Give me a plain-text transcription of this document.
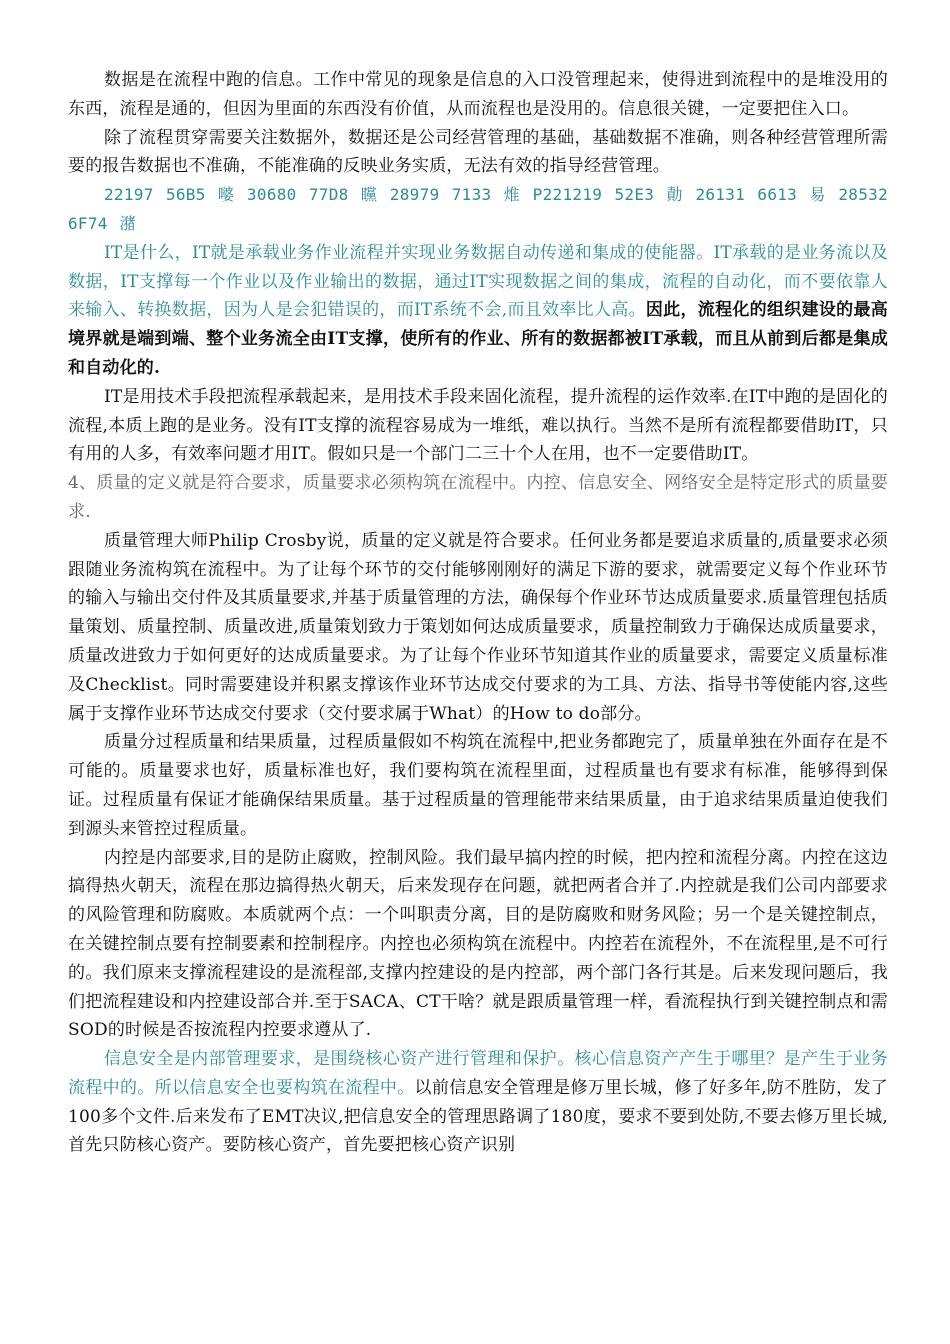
数据是在流程中跑的信息。工作中常见的现象是信息的入口没管理起来，使得进到流程中的是堆没用的东西，流程是通的，但因为里面的东西没有价值，从而流程也是没用的。信息很关键，一定要把住入口。

除了流程贯穿需要关注数据外，数据还是公司经营管理的基础，基础数据不准确，则各种经营管理所需要的报告数据也不准确，不能准确的反映业务实质，无法有效的指导经营管理。

22197 56B5 嘙 30680 77D8 矘 28979 7133 焳 P221219 52E3 勣 26131 6613 易 28532 6F74 潴

IT是什么，IT就是承载业务作业流程并实现业务数据自动传递和集成的使能器。IT承载的是业务流以及数据，IT支撑每一个作业以及作业输出的数据，通过IT实现数据之间的集成，流程的自动化，而不要依靠人来输入、转换数据，因为人是会犯错误的，而IT系统不会,而且效率比人高。因此，流程化的组织建设的最高境界就是端到端、整个业务流全由IT支撑，使所有的作业、所有的数据都被IT承载，而且从前到后都是集成和自动化的.

IT是用技术手段把流程承载起来，是用技术手段来固化流程，提升流程的运作效率.在IT中跑的是固化的流程,本质上跑的是业务。没有IT支撑的流程容易成为一堆纸，难以执行。当然不是所有流程都要借助IT，只有用的人多，有效率问题才用IT。假如只是一个部门二三十个人在用，也不一定要借助IT。

4、质量的定义就是符合要求，质量要求必须构筑在流程中。内控、信息安全、网络安全是特定形式的质量要求.

质量管理大师Philip Crosby说，质量的定义就是符合要求。任何业务都是要追求质量的,质量要求必须跟随业务流构筑在流程中。为了让每个环节的交付能够刚刚好的满足下游的要求，就需要定义每个作业环节的输入与输出交付件及其质量要求,并基于质量管理的方法，确保每个作业环节达成质量要求.质量管理包括质量策划、质量控制、质量改进,质量策划致力于策划如何达成质量要求，质量控制致力于确保达成质量要求，质量改进致力于如何更好的达成质量要求。为了让每个作业环节知道其作业的质量要求，需要定义质量标准及Checklist。同时需要建设并积累支撑该作业环节达成交付要求的为工具、方法、指导书等使能内容,这些属于支撑作业环节达成交付要求（交付要求属于What）的How to do部分。

质量分过程质量和结果质量，过程质量假如不构筑在流程中,把业务都跑完了，质量单独在外面存在是不可能的。质量要求也好，质量标准也好，我们要构筑在流程里面，过程质量也有要求有标准，能够得到保证。过程质量有保证才能确保结果质量。基于过程质量的管理能带来结果质量，由于追求结果质量迫使我们到源头来管控过程质量。

内控是内部要求,目的是防止腐败，控制风险。我们最早搞内控的时候，把内控和流程分离。内控在这边搞得热火朝天，流程在那边搞得热火朝天，后来发现存在问题，就把两者合并了.内控就是我们公司内部要求的风险管理和防腐败。本质就两个点：一个叫职责分离，目的是防腐败和财务风险；另一个是关键控制点，在关键控制点要有控制要素和控制程序。内控也必须构筑在流程中。内控若在流程外，不在流程里,是不可行的。我们原来支撑流程建设的是流程部,支撑内控建设的是内控部，两个部门各行其是。后来发现问题后，我们把流程建设和内控建设部合并.至于SACA、CT干啥？就是跟质量管理一样，看流程执行到关键控制点和需SOD的时候是否按流程内控要求遵从了.

信息安全是内部管理要求，是围绕核心资产进行管理和保护。核心信息资产产生于哪里？是产生于业务流程中的。所以信息安全也要构筑在流程中。以前信息安全管理是修万里长城，修了好多年,防不胜防，发了100多个文件.后来发布了EMT决议,把信息安全的管理思路调了180度，要求不要到处防,不要去修万里长城,首先只防核心资产。要防核心资产，首先要把核心资产识别
